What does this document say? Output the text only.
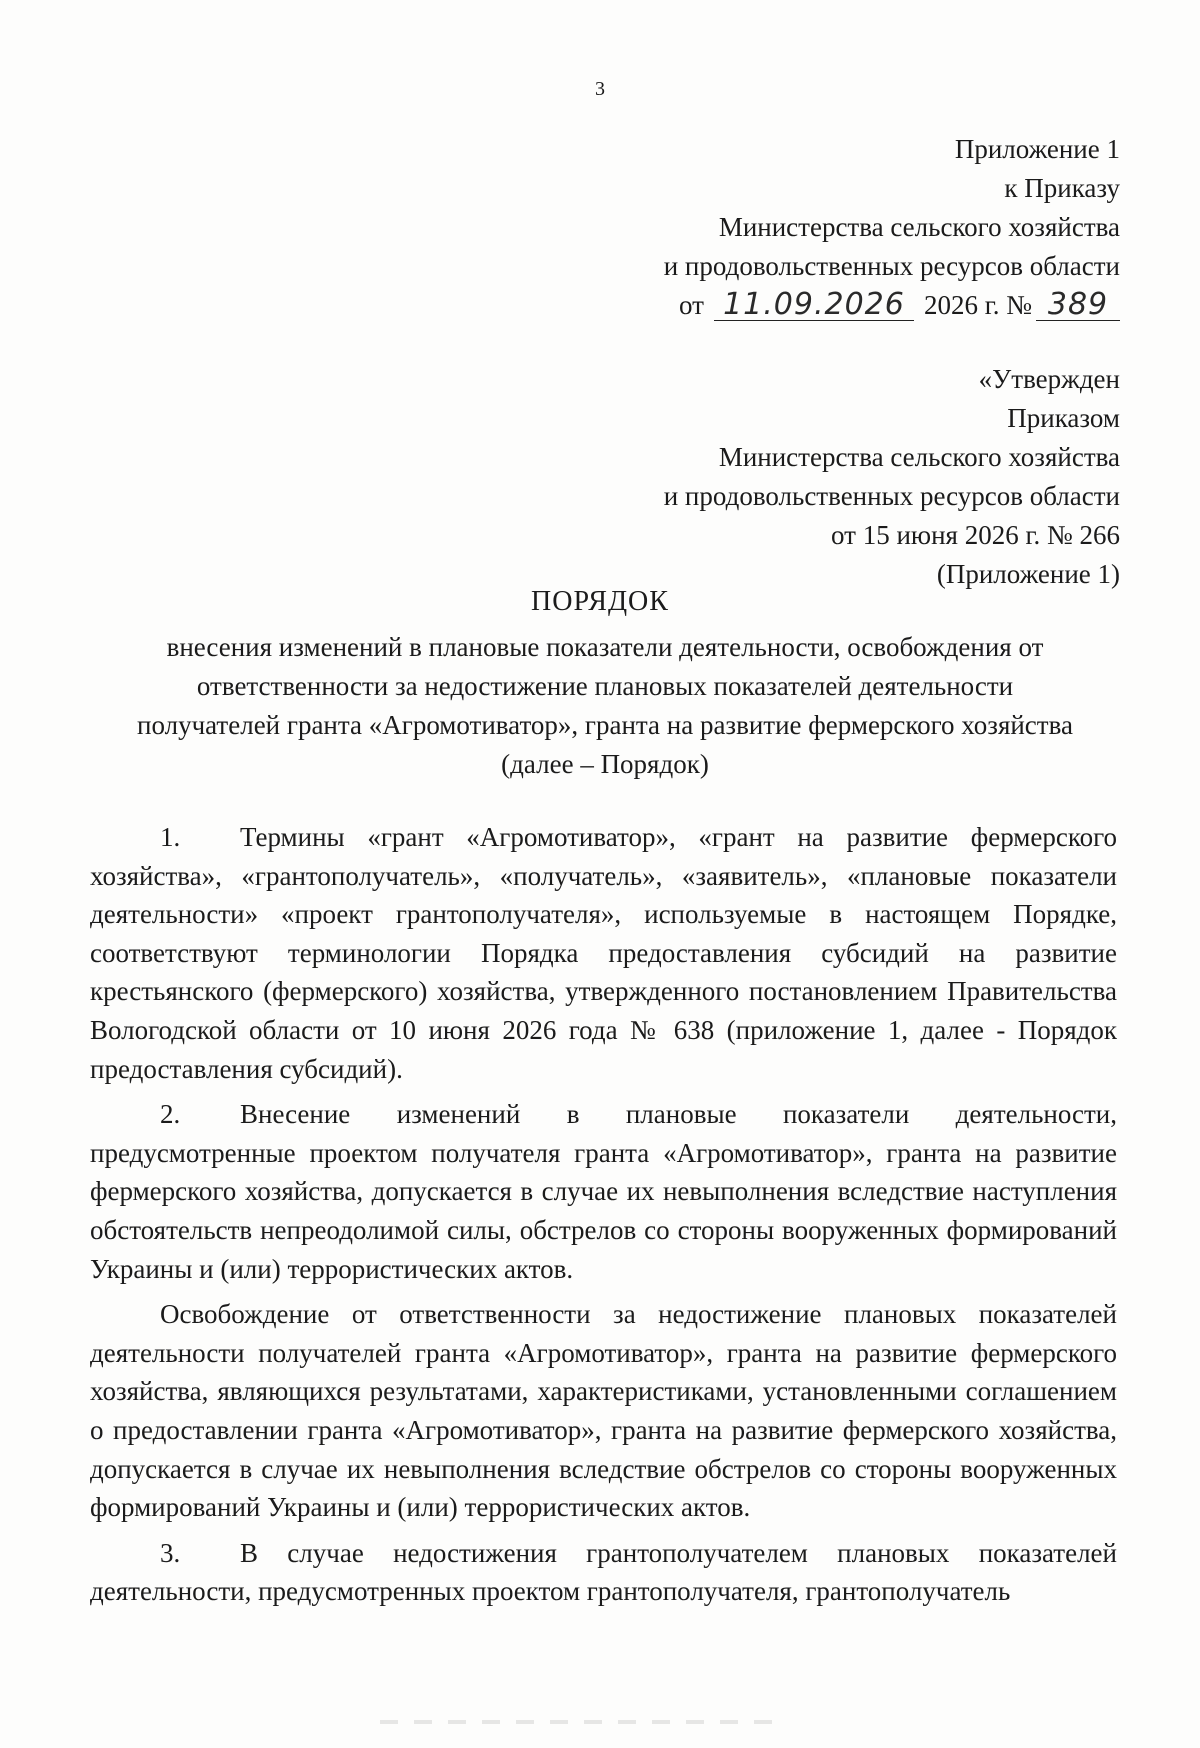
3
Приложение 1
к Приказу
Министерства сельского хозяйства
и продовольственных ресурсов области
от 11.09.2026 2026 г. № 389
«Утвержден
Приказом
Министерства сельского хозяйства
и продовольственных ресурсов области
от 15 июня 2026 г. № 266
(Приложение 1)
ПОРЯДОК
внесения изменений в плановые показатели деятельности, освобождения от
ответственности за недостижение плановых показателей деятельности
получателей гранта «Агромотиватор», гранта на развитие фермерского хозяйства
(далее – Порядок)

1. Термины «грант «Агромотиватор», «грант на развитие фермерского хозяйства», «грантополучатель», «получатель», «заявитель», «плановые показатели деятельности» «проект грантополучателя», используемые в настоящем Порядке, соответствуют терминологии Порядка предоставления субсидий на развитие крестьянского (фермерского) хозяйства, утвержденного постановлением Правительства Вологодской области от 10 июня 2026 года № 638 (приложение 1, далее - Порядок предоставления субсидий).

2. Внесение изменений в плановые показатели деятельности, предусмотренные проектом получателя гранта «Агромотиватор», гранта на развитие фермерского хозяйства, допускается в случае их невыполнения вследствие наступления обстоятельств непреодолимой силы, обстрелов со стороны вооруженных формирований Украины и (или) террористических актов.

Освобождение от ответственности за недостижение плановых показателей деятельности получателей гранта «Агромотиватор», гранта на развитие фермерского хозяйства, являющихся результатами, характеристиками, установленными соглашением о предоставлении гранта «Агромотиватор», гранта на развитие фермерского хозяйства, допускается в случае их невыполнения вследствие обстрелов со стороны вооруженных формирований Украины и (или) террористических актов.

3. В случае недостижения грантополучателем плановых показателей деятельности, предусмотренных проектом грантополучателя, грантополучатель
